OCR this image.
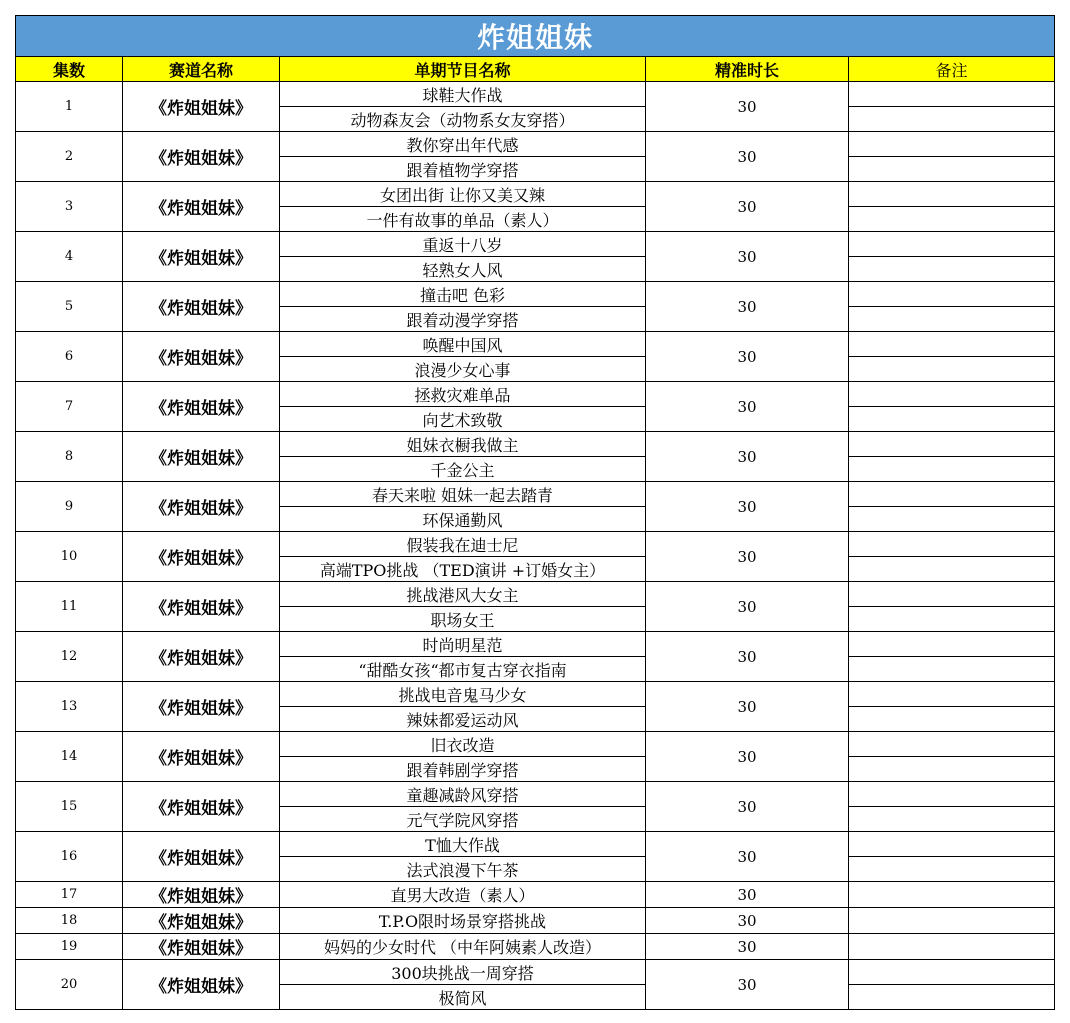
炸姐姐妹				
集数	赛道名称	单期节目名称	精准时长	备注
1	《炸姐姐妹》	球鞋大作战	30	
		动物森友会（动物系女友穿搭）		
2	《炸姐姐妹》	教你穿出年代感	30	
		跟着植物学穿搭		
3	《炸姐姐妹》	女团出街 让你又美又辣	30	
		一件有故事的单品（素人）		
4	《炸姐姐妹》	重返十八岁	30	
		轻熟女人风		
5	《炸姐姐妹》	撞击吧 色彩	30	
		跟着动漫学穿搭		
6	《炸姐姐妹》	唤醒中国风	30	
		浪漫少女心事		
7	《炸姐姐妹》	拯救灾难单品	30	
		向艺术致敬		
8	《炸姐姐妹》	姐妹衣橱我做主	30	
		千金公主		
9	《炸姐姐妹》	春天来啦 姐妹一起去踏青	30	
		环保通勤风		
10	《炸姐姐妹》	假装我在迪士尼	30	
		高端TPO挑战 （TED演讲 +订婚女主）		
11	《炸姐姐妹》	挑战港风大女主	30	
		职场女王		
12	《炸姐姐妹》	时尚明星范	30	
		“甜酷女孩“都市复古穿衣指南		
13	《炸姐姐妹》	挑战电音鬼马少女	30	
		辣妹都爱运动风		
14	《炸姐姐妹》	旧衣改造	30	
		跟着韩剧学穿搭		
15	《炸姐姐妹》	童趣减龄风穿搭	30	
		元气学院风穿搭		
16	《炸姐姐妹》	T恤大作战	30	
		法式浪漫下午茶		
17	《炸姐姐妹》	直男大改造（素人）	30	
18	《炸姐姐妹》	T.P.O限时场景穿搭挑战	30	
19	《炸姐姐妹》	妈妈的少女时代 （中年阿姨素人改造）	30	
20	《炸姐姐妹》	300块挑战一周穿搭	30	
		极简风		
